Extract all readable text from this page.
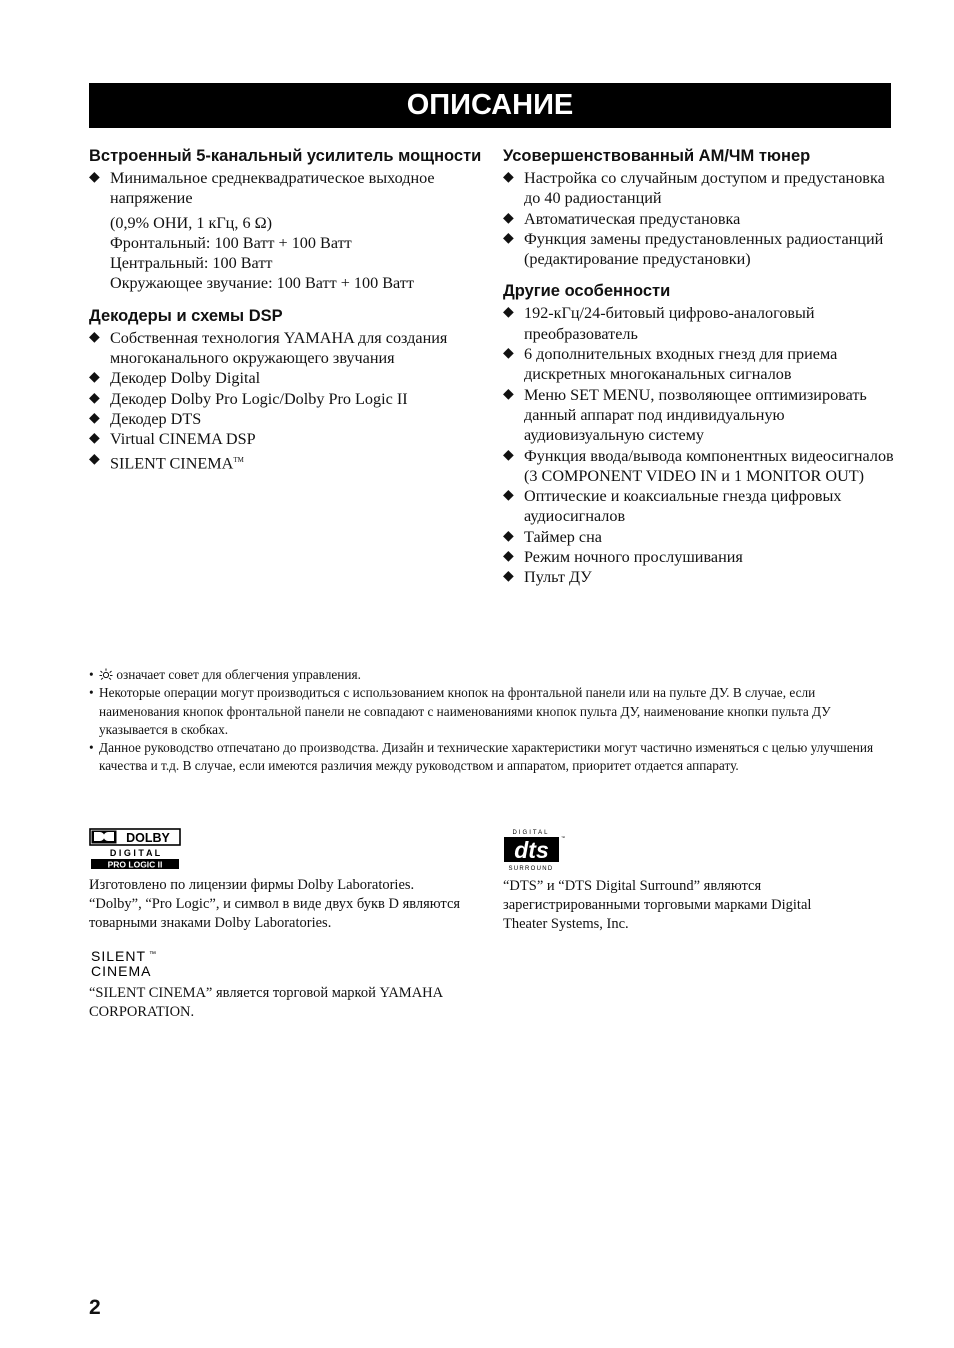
ОПИСАНИЕ
Встроенный 5-канальный усилитель мощности
◆ Минимальное среднеквадратическое выходное напряжение
(0,9% ОНИ, 1 кГц, 6 Ω)
Фронтальный: 100 Ватт + 100 Ватт
Центральный: 100 Ватт
Окружающее звучание: 100 Ватт + 100 Ватт
Декодеры и схемы DSP
◆ Собственная технология YAMAHA для создания многоканального окружающего звучания
◆ Декодер Dolby Digital
◆ Декодер Dolby Pro Logic/Dolby Pro Logic II
◆ Декодер DTS
◆ Virtual CINEMA DSP
◆ SILENT CINEMA™
Усовершенствованный АМ/ЧМ тюнер
◆ Настройка со случайным доступом и предустановка до 40 радиостанций
◆ Автоматическая предустановка
◆ Функция замены предустановленных радиостанций (редактирование предустановки)
Другие особенности
◆ 192-кГц/24-битовый цифрово-аналоговый преобразователь
◆ 6 дополнительных входных гнезд для приема дискретных многоканальных сигналов
◆ Меню SET MENU, позволяющее оптимизировать данный аппарат под индивидуальную аудиовизуальную систему
◆ Функция ввода/вывода компонентных видеосигналов
(3 COMPONENT VIDEO IN и 1 MONITOR OUT)
◆ Оптические и коаксиальные гнезда цифровых аудиосигналов
◆ Таймер сна
◆ Режим ночного прослушивания
◆ Пульт ДУ
• означает совет для облегчения управления.
• Некоторые операции могут производиться с использованием кнопок на фронтальной панели или на пульте ДУ. В случае, если наименования кнопок фронтальной панели не совпадают с наименованиями кнопок пульта ДУ, наименование кнопки пульта ДУ указывается в скобках.
• Данное руководство отпечатано до производства. Дизайн и технические характеристики могут частично изменяться с целью улучшения качества и т.д. В случае, если имеются различия между руководством и аппаратом, приоритет отдается аппарату.
DOLBY
D I G I T A L
PRO LOGIC II

Изготовлено по лицензии фирмы Dolby Laboratories. “Dolby”, “Pro Logic”, и символ в виде двух букв D являются товарными знаками Dolby Laboratories.

DIGITAL
dts	™
SURROUND

“DTS” и “DTS Digital Surround” являются зарегистрированными торговыми марками Digital Theater Systems, Inc.

SILENT ™
CINEMA

“SILENT CINEMA” является торговой маркой YAMAHA CORPORATION.

2
